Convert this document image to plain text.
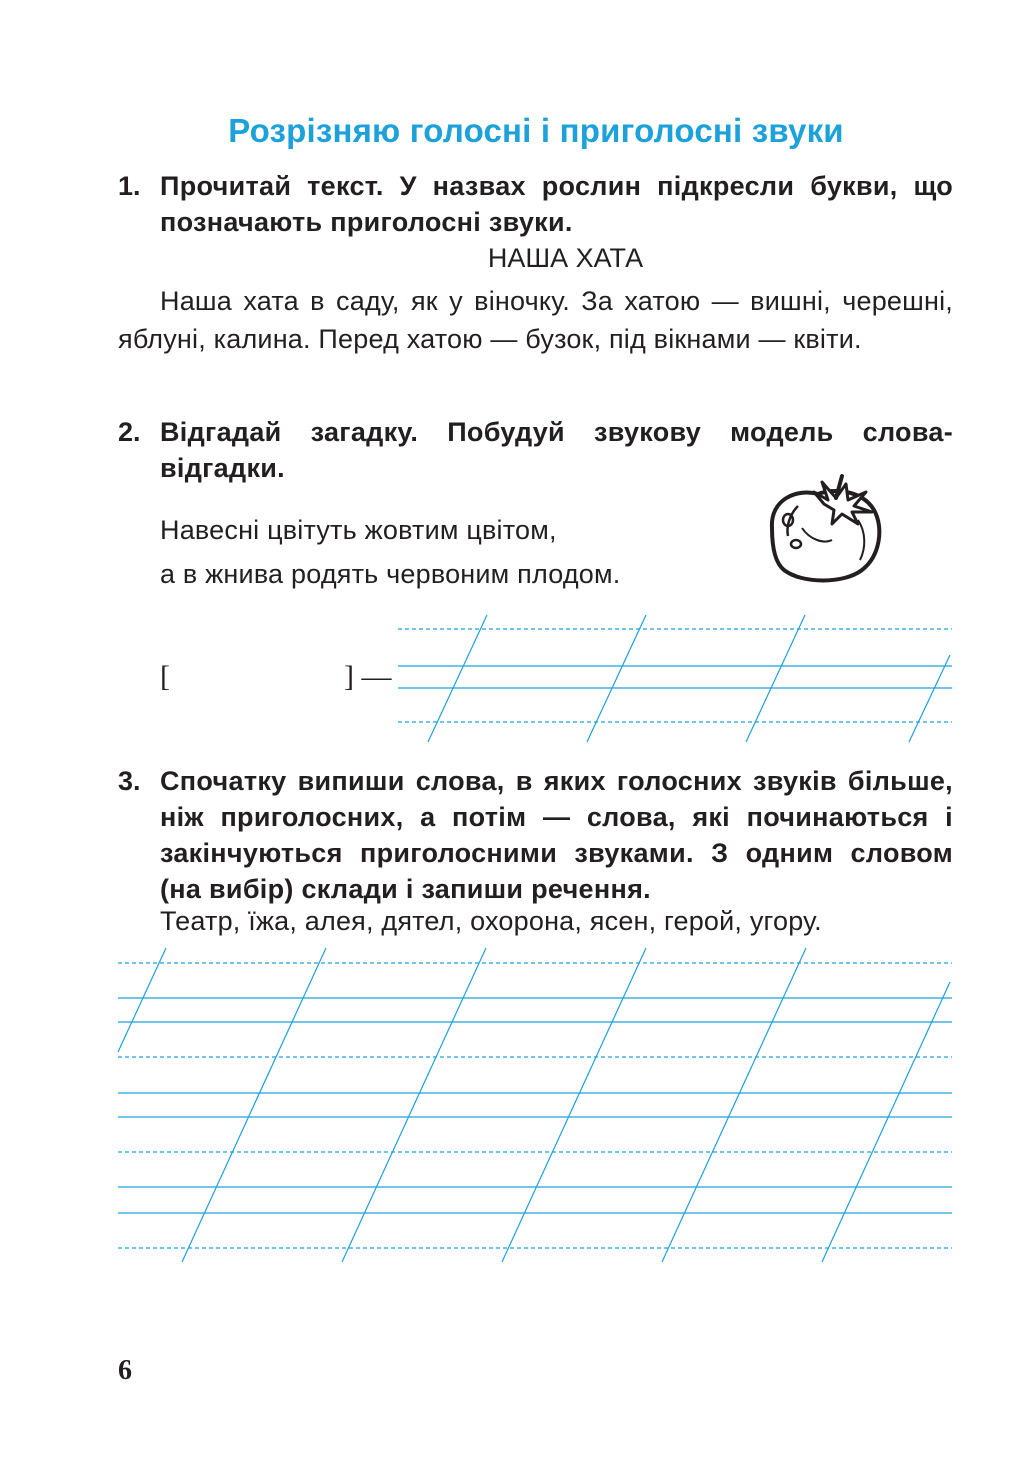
Розрізняю голосні і приголосні звуки
1. Прочитай текст. У назвах рослин підкресли букви, що позначають приголосні звуки.
НАША ХАТА
Наша хата в саду, як у віночку. За хатою — вишні, черешні, яблуні, калина. Перед хатою — бузок, під вікнами — квіти.
2. Відгадай загадку. Побудуй звукову модель слова-відгадки.
Навесні цвітуть жовтим цвітом,
а в жнива родять червоним плодом.
[	] —
3. Спочатку випиши слова, в яких голосних звуків більше, ніж приголосних, а потім — слова, які починаються і закінчуються приголосними звуками. З одним словом (на вибір) склади і запиши речення.
Театр, їжа, алея, дятел, охорона, ясен, герой, угору.
6
